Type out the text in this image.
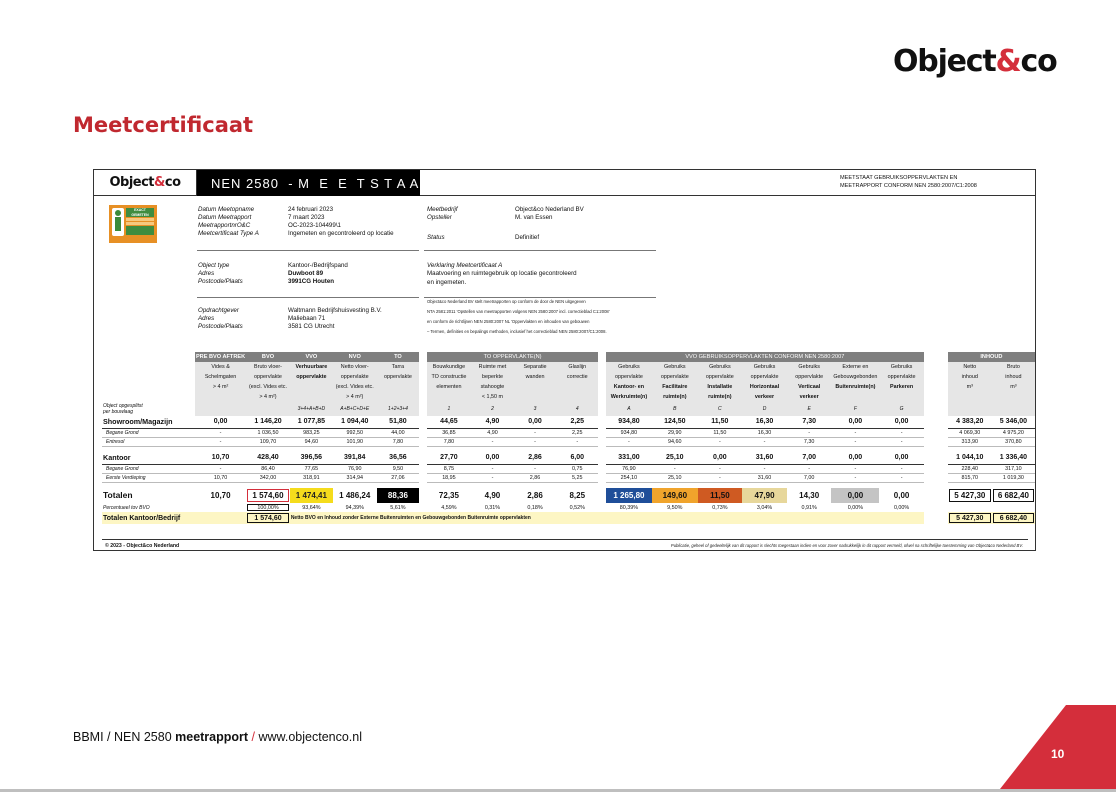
Object&co
Meetcertificaat
Object & co	NEN 2580  - M  E  E  T S T A A T	MEETSTAAT GEBRUIKSOPPERVLAKTEN EN
MEETRAPPORT CONFORM NEN 2580:2007/C1:2008
EXACT GEMETEN
Datum Meetopname	24 februari 2023
Datum Meetrapport	7 maart 2023
MeetrapportnrO&C	OC-2023-104499\1
Meetcertificaat Type A	Ingemeten en gecontroleerd op locatie
Object type	Kantoor-/Bedrijfspand
Adres	Duwboot 89
Postcode/Plaats	3991CG Houten
Opdrachtgever	Waltmann Bedrijfshuisvesting B.V.
Adres	Maliebaan 71
Postcode/Plaats	3581 CG Utrecht
Meetbedrijf	Object&co Nederland BV
Opsteller	M. van Essen
Status	Definitief
Verklaring Meetcertificaat A
Maatvoering en ruimtegebruik op locatie gecontroleerd
en ingemeten.
Object&co Nederland BV stelt meetrapporten op conform de door de NEN uitgegeven
NTA 2581:2011 'Opstellen van meetrapporten volgens NEN 2580:2007 incl. correctieblad C1:2008'
en conform de richtlijnen NEN 2580:2007 NL 'Oppervlakten en inhouden van gebouwen
– Termen, definities en bepalings methoden, inclusief het correctieblad NEN 2580:2007/C1:2008.
	PRE BVO AFTREK	BVO	VVO	NVO	TO		TO OPPERVLAKTE(N)					VVO GEBRUIKSOPPERVLAKTEN CONFORM NEN 2580:2007								INHOUD	
	Vides &	Bruto vloer-	Verhuurbare	Netto vloer-	Tarra		Bouwkundige	Ruimte met	Separatie	Glaslijn		Gebruiks	Gebruiks	Gebruiks	Gebruiks	Gebruiks	Externe en	Gebruiks		Netto	Bruto
	Schelmgaten	oppervlakte	oppervlakte	oppervlakte	oppervlakte		TO constructie	beperkte	wanden	correctie		oppervlakte	oppervlakte	oppervlakte	oppervlakte	oppervlakte	Gebouwgebonden	oppervlakte		inhoud	inhoud
	> 4 m²	(excl. Vides etc.		(excl. Vides etc.			elementen	stahoogte				Kantoor- en	Facilitaire	Installatie	Horizontaal	Verticaal	Buitenruimte(n)	Parkeren		m³	m³
		> 4 m²)		> 4 m²)				< 1,50 m				Werkruimte(n)	ruimte(n)	ruimte(n)	verkeer	verkeer					

Object opgesplitst
per bouwlaag			3+4+A+B+D	A+B+C+D+E	1+2+3+4		1	2	3	4		A	B	C	D	E	F	G			
Showroom/Magazijn	0,00	1 146,20	1 077,85	1 094,40	51,80		44,65	4,90	0,00	2,25		934,80	124,50	11,50	16,30	7,30	0,00	0,00		4 383,20	5 346,00
Begane Grond	-	1 036,50	983,25	992,50	44,00		36,85	4,90	-	2,25		934,80	29,90	11,50	16,30	-	-	-		4 069,30	4 975,20
Entresol	-	109,70	94,60	101,90	7,80		7,80	-	-	-		-	94,60	-	-	7,30	-	-		313,90	370,80

Kantoor	10,70	428,40	396,56	391,84	36,56		27,70	0,00	2,86	6,00		331,00	25,10	0,00	31,60	7,00	0,00	0,00		1 044,10	1 336,40
Begane Grond	-	86,40	77,65	76,90	9,50		8,75	-	-	0,75		76,90	-	-	-	-	-	-		228,40	317,10
Eerste Verdieping	10,70	342,00	318,91	314,94	27,06		18,95	-	2,86	5,25		254,10	25,10	-	31,60	7,00	-	-		815,70	1 019,30

Totalen	10,70	1 574,60	1 474,41	1 486,24	88,36		72,35	4,90	2,86	8,25		1 265,80	149,60	11,50	47,90	14,30	0,00	0,00		5 427,30	6 682,40
Percentueel tov BVO		100,00%	93,64%	94,39%	5,61%		4,59%	0,31%	0,18%	0,52%		80,39%	9,50%	0,73%	3,04%	0,91%	0,00%	0,00%			
Totalen Kantoor/Bedrijf		1 574,60	Netto BVO en Inhoud zonder Externe Buitenruimten en Gebouwgebonden Buitenruimte oppervlakten																	5 427,30	6 682,40
© 2023 - Object&co Nederland	Publicatie, geheel of gedeeltelijk van dit rapport is slechts toegestaan indien en voor zover nadrukkelijk in dit rapport vermeld, ofwel na schriftelijke toestemming van Object&co Nederland BV.
BBMI / NEN 2580 meetrapport / www.objectenco.nl
10
